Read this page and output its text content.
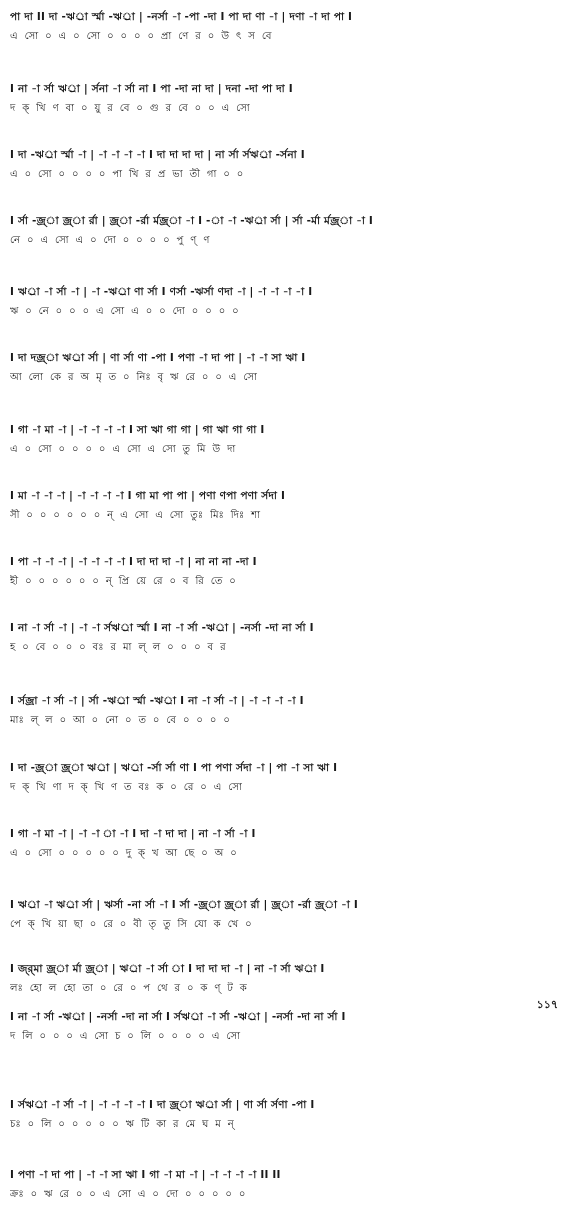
পা দা II দা -ঋর্া র্স্মা -ঋর্া | -নর্সা -া -পা -দা I পা দা ণা -া | দণা -া দা পা I
এ  সো  ০  এ  ০  সো  ০  ০  ০  ০  প্রা  ণে  র  ০  উ  ৎ  স  বে
I না -া র্সা ঋর্া | র্সনা -া র্সা না I পা -দা না দা | দনা -দা পা দা I
দ  ক্‌  খি  ণ  বা  ০  য়ু  র  বে  ০  গু  র  বে  ০  ০  এ  সো
I দা -ঋর্া র্স্মা -া | -া -া -া -া I দা দা দা দা | না র্সা র্সঋর্া -র্সনা I
এ  ০  সো  ০  ০  ০  ০  পা  খি  র  প্র  ভা  তী  গা  ০  ০
I র্সা -জ্র্া জ্র্া র্রা | জ্র্া -র্রা র্মজ্র্া -া I -া -া -ঋর্া র্সা | র্সা -র্মা র্মজ্র্া -া I
নে  ০  এ  সো  এ  ০  দো  ০  ০  ০  ০  পু  ণ্‌  ণ
I ঋর্া -া র্সা -া | -া -ঋর্া ণা র্সা I ণর্সা -ঋর্সা ণদা -া | -া -া -া -া I
ঋ  ০  নে  ০  ০  ০  এ  সো  এ  ০  ০  দো  ০  ০  ০  ০
I দা দজ্র্া ঋর্া র্সা | ণা র্সা ণা -পা I পণা -া দা পা | -া -া সা ঋা I
আ  লো  কে  র  অ  মৃ  ত  ০  নিঃ  বৃ  ঋ  রে  ০  ০  এ  সো
I গা -া মা -া | -া -া -া -া I সা ঋা গা গা | গা ঋা গা গা I
এ  ০  সো  ০  ০  ০  ০  এ  সো  এ  সো  তু  মি  উ  দা
I মা -া -া -া | -া -া -া -া I গা মা পা পা | পণা ণপা পণা র্সদা I
সী  ০  ০  ০  ০  ০  ০  ন্‌  এ  সো  এ  সো  তুঃ  মিঃ  দিঃ  শা
I পা -া -া -া | -া -া -া -া I দা দা দা -া | না না না -দা I
হী  ০  ০  ০  ০  ০  ০  ন্‌  প্রি  য়ে  রে  ০  ব  রি  তে  ০
I না -া র্সা -া | -া -া র্সঋর্া র্স্মা I না -া র্সা -ঋর্া | -নর্সা -দা না র্সা I
হ  ০  বে  ০  ০  ০  বঃ  র  মা  ল্‌  ল  ০  ০  ০  ব  র
I র্সজ্রা -া র্সা -া | র্সা -ঋর্া র্স্মা -ঋর্া I না -া র্সা -া | -া -া -া -া I
মাঃ  ল্‌  ল  ০  আ  ০  নো  ০  ত  ০  বে  ০  ০  ০  ০
I দা -জ্র্া জ্র্া ঋর্া | ঋর্া -র্সা র্সা ণা I পা পণা র্সদা -া | পা -া সা ঋা I
দ  ক্‌  খি  ণা  দ  ক্‌  খি  ণ  ত  বঃ  ক  ০  রে  ০  এ  সো
I গা -া মা -া | -া -া া -া I দা -া দা দা | না -া র্সা -া I
এ  ০  সো  ০  ০  ০  ০  ০  দু  ক্‌  খ  আ  ছে  ০  অ  ০
I ঋর্া -া ঋর্া র্সা | ঋর্সা -না র্সা -া I র্সা -জ্র্া জ্র্া র্রা | জ্র্া -র্রা জ্র্া -া I
পে  ক্‌  খি  য়া  ছা  ০  রে  ০  বী  তৃ  তু  সি  যো  ক  খে  ০
I জ্র্মা জ্র্া র্মা জ্র্া | ঋর্া -া র্সা া I দা দা দা -া | না -া র্সা ঋর্া I
লঃ  হো  ল  হো  তা  ০  রে  ০  প  থে  র  ০  ক  ণ্‌  ট  ক
১১৭
I না -া র্সা -ঋর্া | -নর্সা -দা না র্সা I র্সঋর্া -া র্সা -ঋর্া | -নর্সা -দা না র্সা I
দ  লি  ০  ০  ০  এ  সো  চ  ০  লি  ০  ০  ০  ০  এ  সো
I র্সঋর্া -া র্সা -া | -া -া -া -া I দা জ্র্া ঋর্া র্সা | ণা র্সা র্সণা -পা I
চঃ  ০  লি  ০  ০  ০  ০  ০  ঋ  টি  কা  র  মে  ঘ  ম  ন্‌
I পণা -া দা পা | -া -া সা ঋা I গা -া মা -া | -া -া -া -া II II
ক্রঃ  ০  ঋ  রে  ০  ০  এ  সো  এ  ০  দো  ০  ০  ০  ০  ০
